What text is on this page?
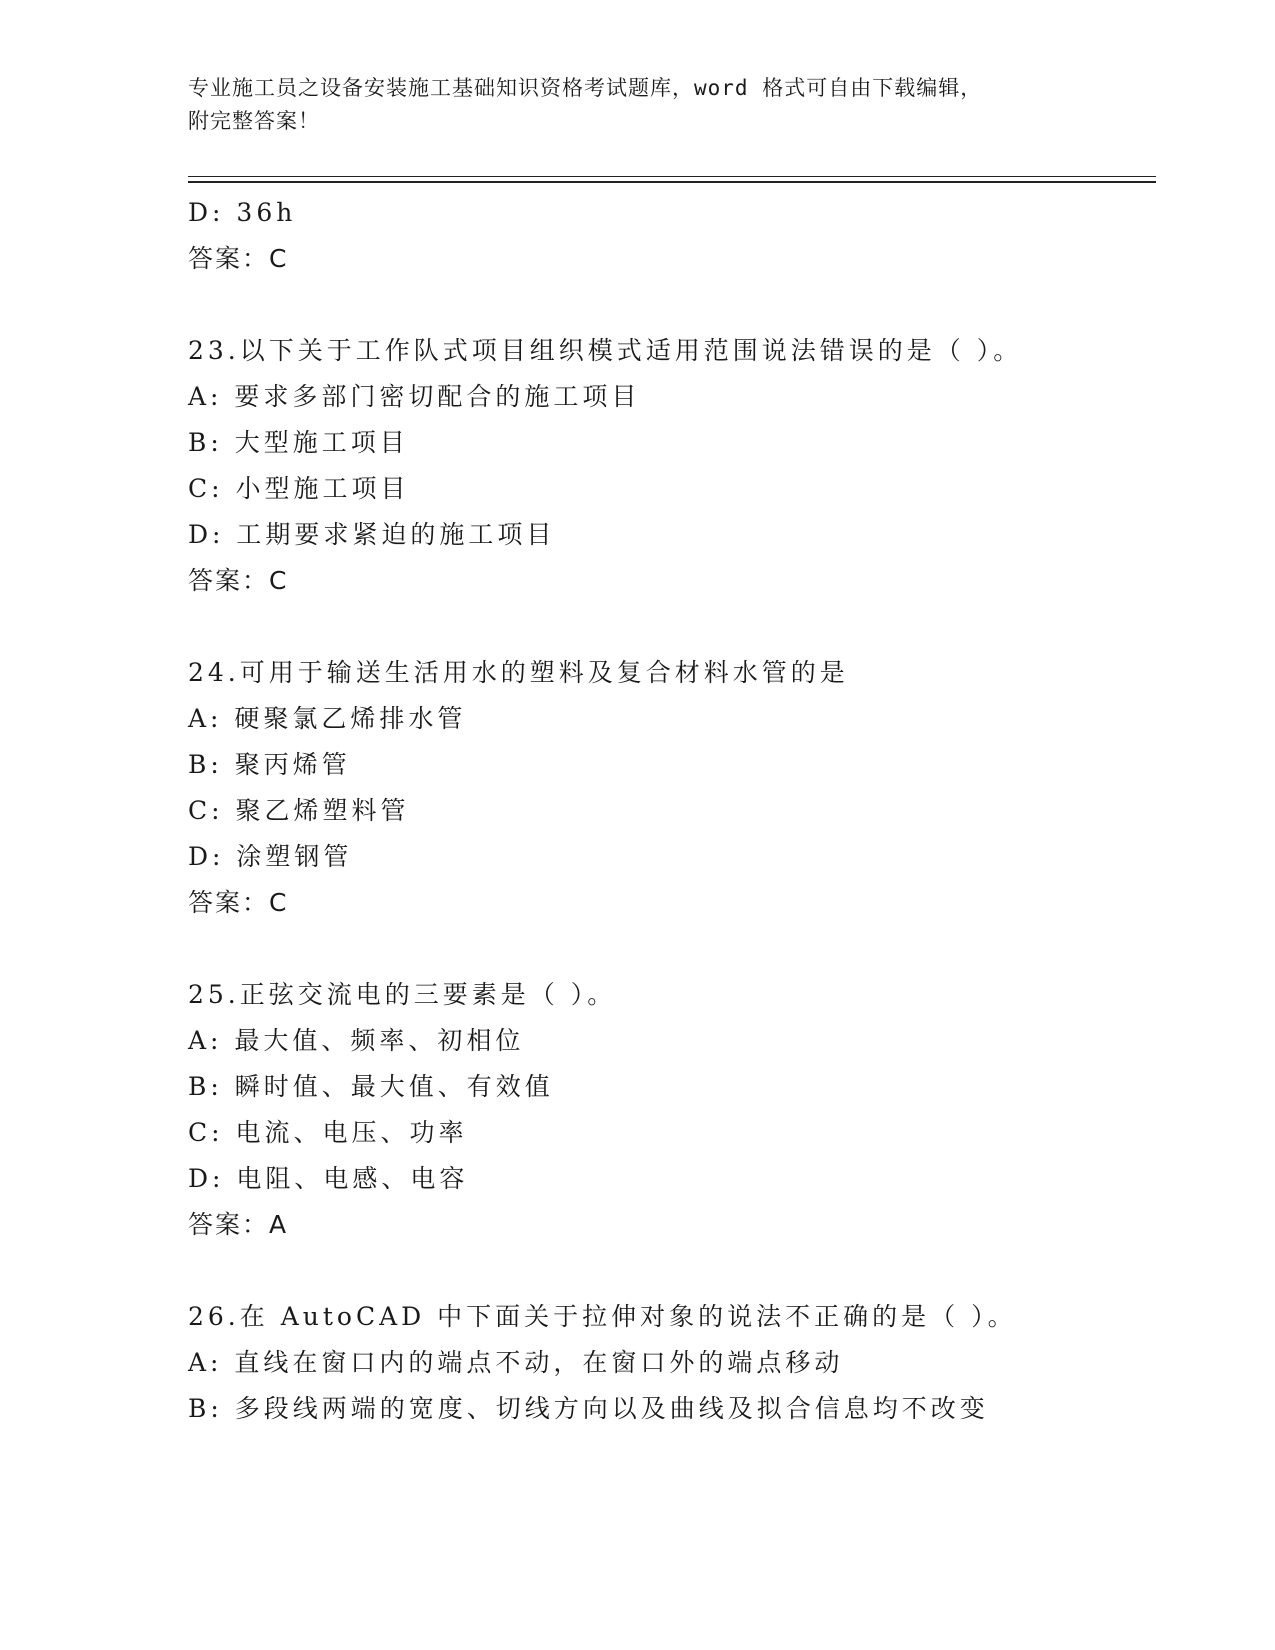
专业施工员之设备安装施工基础知识资格考试题库，word 格式可自由下载编辑，
附完整答案！
D: 36h
答案：C
23.以下关于工作队式项目组织模式适用范围说法错误的是（ ）。
A: 要求多部门密切配合的施工项目
B: 大型施工项目
C: 小型施工项目
D: 工期要求紧迫的施工项目
答案：C
24.可用于输送生活用水的塑料及复合材料水管的是
A: 硬聚氯乙烯排水管
B: 聚丙烯管
C: 聚乙烯塑料管
D: 涂塑钢管
答案：C
25.正弦交流电的三要素是（ ）。
A: 最大值、频率、初相位
B: 瞬时值、最大值、有效值
C: 电流、电压、功率
D: 电阻、电感、电容
答案：A
26.在 AutoCAD 中下面关于拉伸对象的说法不正确的是（ ）。
A: 直线在窗口内的端点不动，在窗口外的端点移动
B: 多段线两端的宽度、切线方向以及曲线及拟合信息均不改变
